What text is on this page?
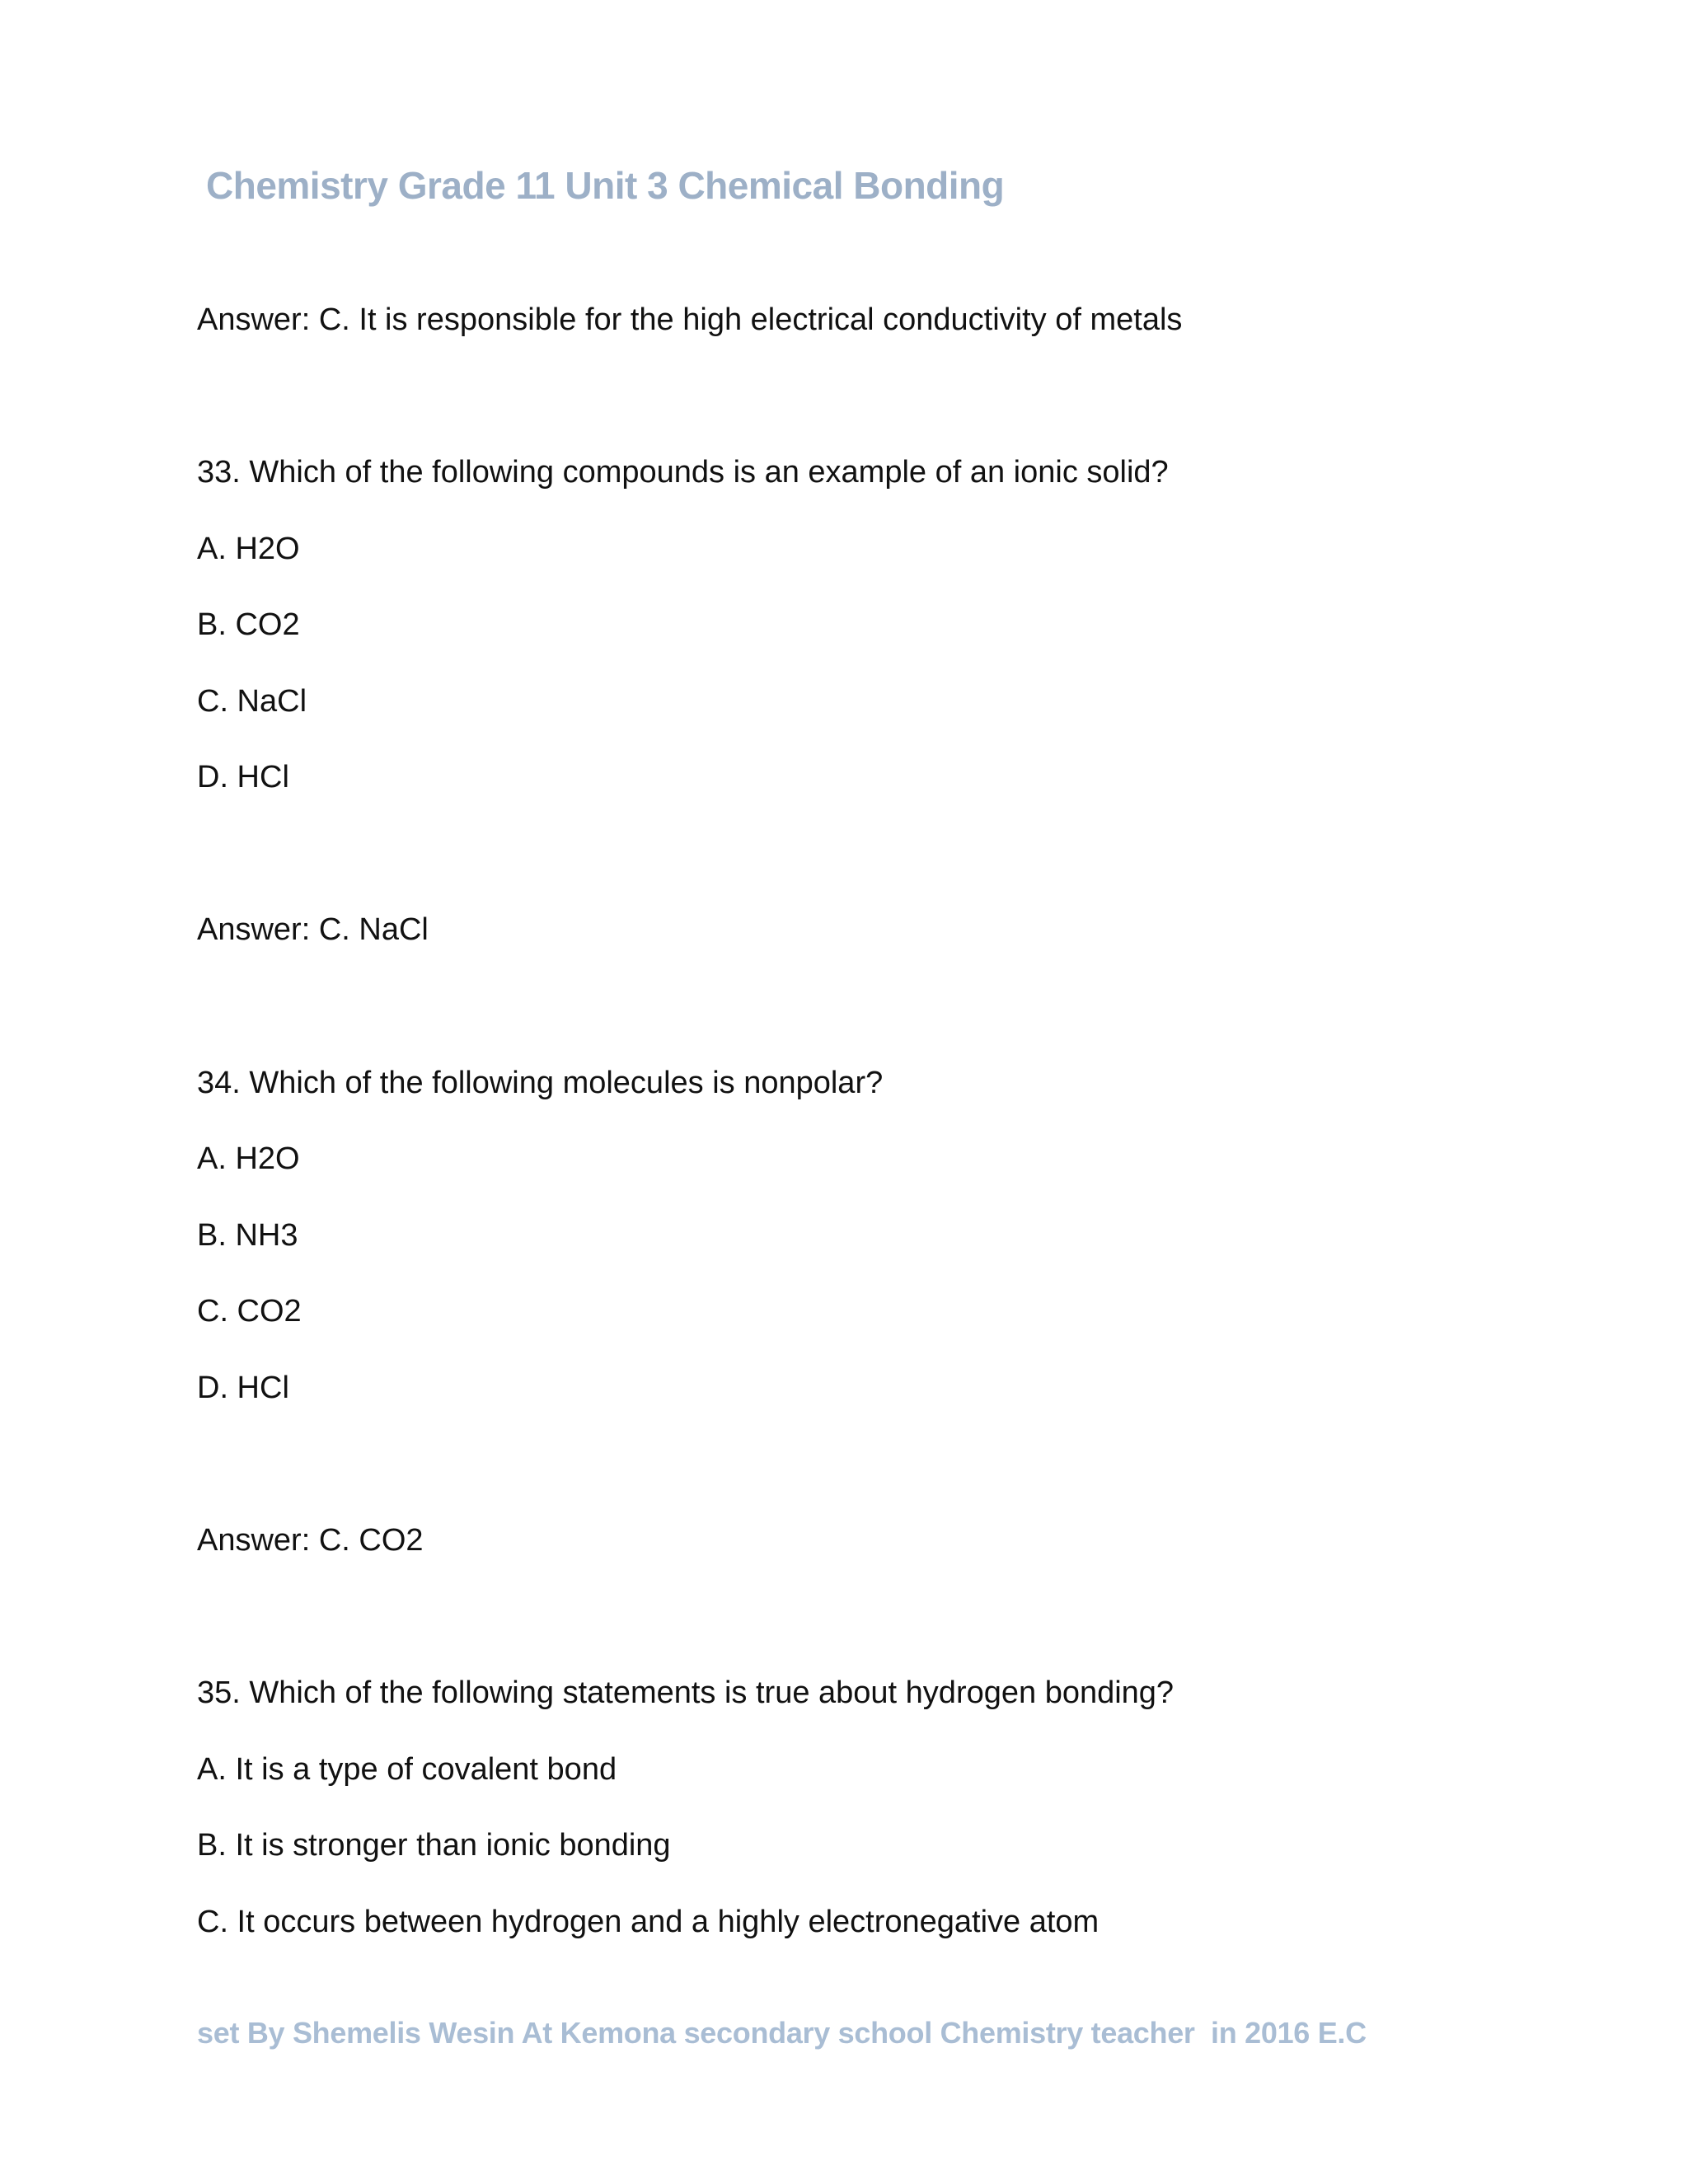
Chemistry Grade 11 Unit 3 Chemical Bonding
Answer: C. It is responsible for the high electrical conductivity of metals
33. Which of the following compounds is an example of an ionic solid?
A. H2O
B. CO2
C. NaCl
D. HCl
Answer: C. NaCl
34. Which of the following molecules is nonpolar?
A. H2O
B. NH3
C. CO2
D. HCl
Answer: C. CO2
35. Which of the following statements is true about hydrogen bonding?
A. It is a type of covalent bond
B. It is stronger than ionic bonding
C. It occurs between hydrogen and a highly electronegative atom
set By Shemelis Wesin At Kemona secondary school Chemistry teacher  in 2016 E.C
